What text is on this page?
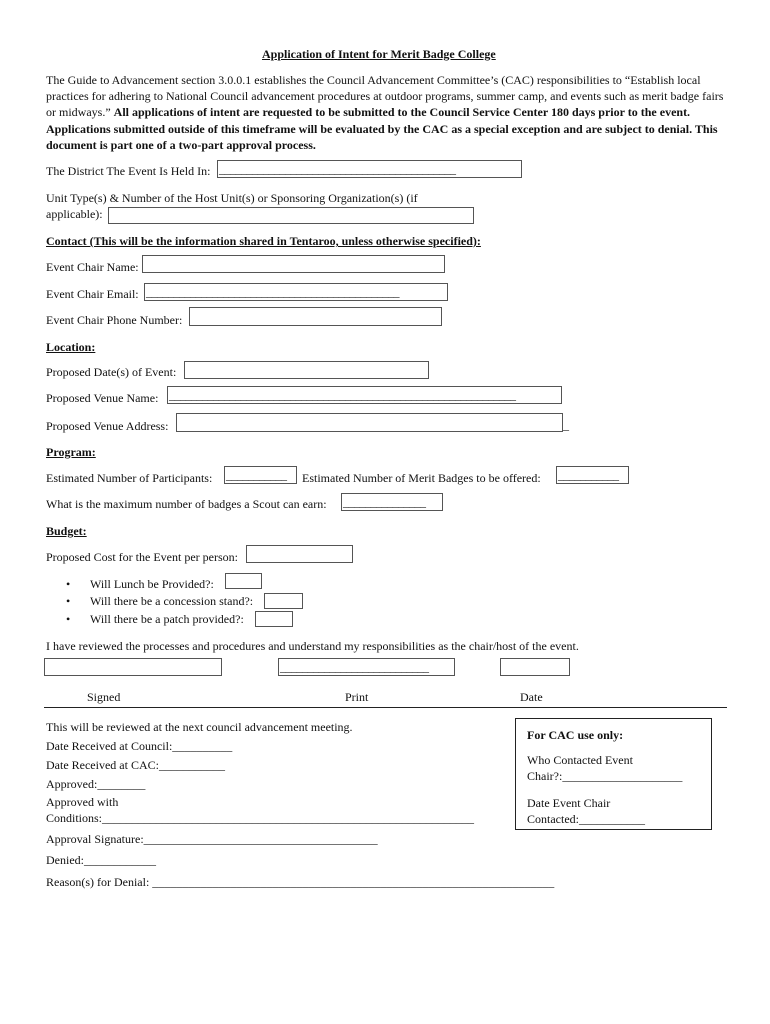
Application of Intent for Merit Badge College
The Guide to Advancement section 3.0.0.1 establishes the Council Advancement Committee’s (CAC) responsibilities to “Establish local practices for adhering to National Council advancement procedures at outdoor programs, summer camp, and events such as merit badge fairs or midways.” All applications of intent are requested to be submitted to the Council Service Center 180 days prior to the event. Applications submitted outside of this timeframe will be evaluated by the CAC as a special exception and are subject to denial. This document is part one of a two-part approval process.
The District The Event Is Held In: ___________________________________________
Unit Type(s) & Number of the Host Unit(s) or Sponsoring Organization(s) (if
applicable):
Contact (This will be the information shared in Tentaroo, unless otherwise specified):
Event Chair Name:
Event Chair Email: ______________________________________________
Event Chair Phone Number:
Location:
Proposed Date(s) of Event:
Proposed Venue Name: _______________________________________________________________
Proposed Venue Address:	_
Program:
Estimated Number of Participants: ___________ Estimated Number of Merit Badges to be offered: ___________
What is the maximum number of badges a Scout can earn: _______________
Budget:
Proposed Cost for the Event per person:
• Will Lunch be Provided?:
• Will there be a concession stand?:
• Will there be a patch provided?:
I have reviewed the processes and procedures and understand my responsibilities as the chair/host of the event.
___________________________
Signed	Print	Date
This will be reviewed at the next council advancement meeting.
Date Received at Council:__________
Date Received at CAC:___________
Approved:________
Approved with
Conditions:______________________________________________________________
Approval Signature:_______________________________________
Denied:____________
Reason(s) for Denial: ___________________________________________________________________
For CAC use only:
Who Contacted Event
Chair?:____________________
Date Event Chair
Contacted:___________
